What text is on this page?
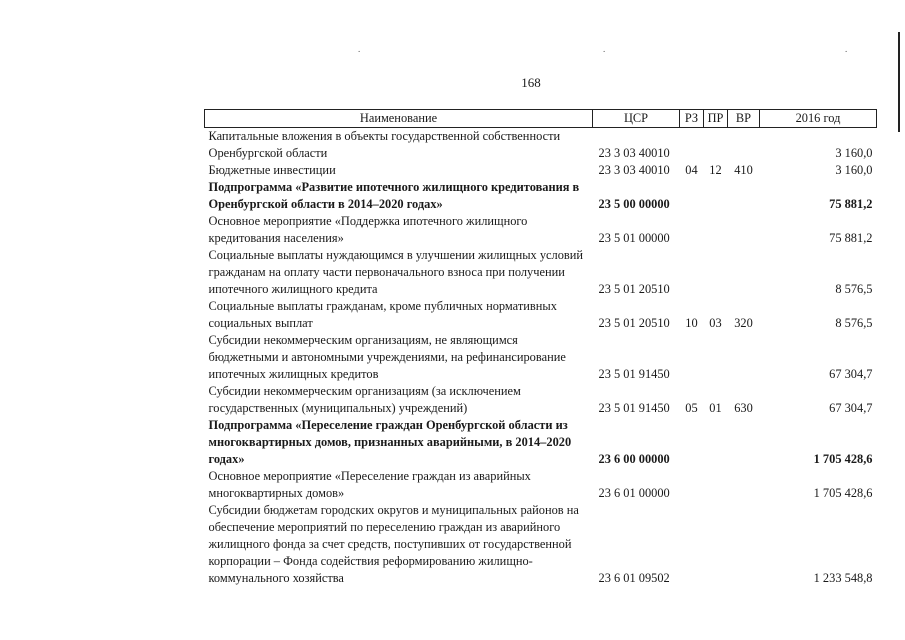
.	.	.
168
Наименование	ЦСР	РЗ	ПР	ВР	2016 год
Капитальные вложения в объекты государственной собственности Оренбургской области	23 3 03 40010				3 160,0
Бюджетные инвестиции	23 3 03 40010	04	12	410	3 160,0
Подпрограмма «Развитие ипотечного жилищного кредитования в Оренбургской области в 2014–2020 годах»	23 5 00 00000				75 881,2
Основное мероприятие «Поддержка ипотечного жилищного кредитования населения»	23 5 01 00000				75 881,2
Социальные выплаты нуждающимся в улучшении жилищных условий гражданам на оплату части первоначального взноса при получении ипотечного жилищного кредита	23 5 01 20510				8 576,5
Социальные выплаты гражданам, кроме публичных нормативных социальных выплат	23 5 01 20510	10	03	320	8 576,5
Субсидии некоммерческим организациям, не являющимся бюджетными и автономными учреждениями, на рефинансирование ипотечных жилищных кредитов	23 5 01 91450				67 304,7
Субсидии некоммерческим организациям (за исключением государственных (муниципальных) учреждений)	23 5 01 91450	05	01	630	67 304,7
Подпрограмма «Переселение граждан Оренбургской области из многоквартирных домов, признанных аварийными, в 2014–2020 годах»	23 6 00 00000				1 705 428,6
Основное мероприятие «Переселение граждан из аварийных многоквартирных домов»	23 6 01 00000				1 705 428,6
Субсидии бюджетам городских округов и муниципальных районов на обеспечение мероприятий по переселению граждан из аварийного жилищного фонда за счет средств, поступивших от государственной корпорации – Фонда содействия реформированию жилищно-коммунального хозяйства	23 6 01 09502				1 233 548,8
